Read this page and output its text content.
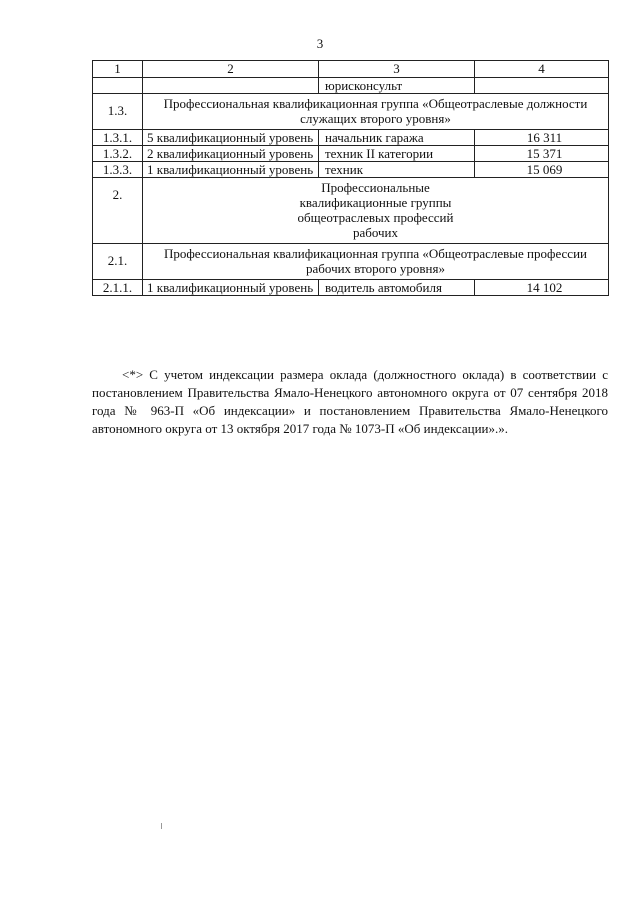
3
1	2	3	4
		юрисконсульт	
1.3.	Профессиональная квалификационная группа «Общеотраслевые должности служащих второго уровня»		
1.3.1.	5 квалификационный уровень	начальник гаража	16 311
1.3.2.	2 квалификационный уровень	техник II категории	15 371
1.3.3.	1 квалификационный уровень	техник	15 069
2.	Профессиональные квалификационные группы общеотраслевых профессий рабочих		
2.1.	Профессиональная квалификационная группа «Общеотраслевые профессии рабочих второго уровня»		
2.1.1.	1 квалификационный уровень	водитель автомобиля	14 102
<*> С учетом индексации размера оклада (должностного оклада) в соответствии с постановлением Правительства Ямало-Ненецкого автономного округа от 07 сентября 2018 года № 963-П «Об индексации» и постановлением Правительства Ямало-Ненецкого автономного округа от 13 октября 2017 года № 1073-П «Об индексации».».
